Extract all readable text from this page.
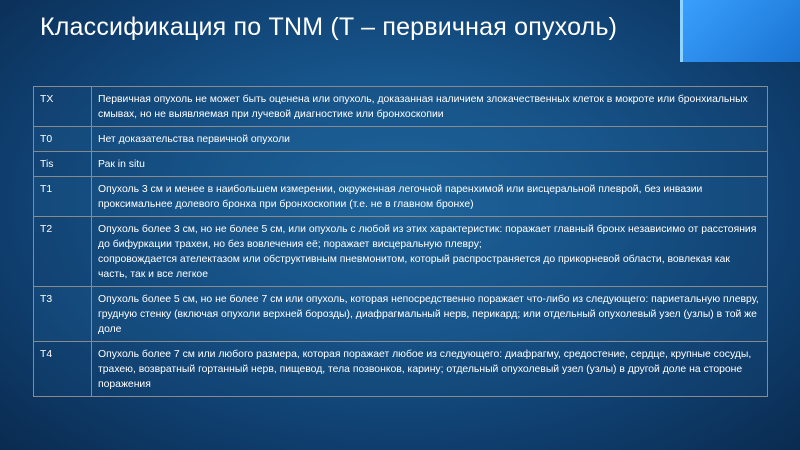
Классификация по TNM (T – первичная опухоль)
TX	Первичная опухоль не может быть оценена или опухоль, доказанная наличием злокачественных клеток в мокроте или бронхиальных смывах, но не выявляемая при лучевой диагностике или бронхоскопии

T0	Нет доказательства первичной опухоли

Tis	Рак in situ

T1	Опухоль 3 см и менее в наибольшем измерении, окруженная легочной паренхимой или висцеральной плеврой, без инвазии проксимальнее долевого бронха при бронхоскопии (т.е. не в главном бронхе)

T2	Опухоль более 3 см, но не более 5 см, или опухоль с любой из этих характеристик: поражает главный бронх независимо от расстояния до бифуркации трахеи, но без вовлечения её; поражает висцеральную плевру;
сопровождается ателектазом или обструктивным пневмонитом, который распространяется до прикорневой области, вовлекая как часть, так и все легкое

T3	Опухоль более 5 см, но не более 7 см или опухоль, которая непосредственно поражает что-либо из следующего: париетальную плевру, грудную стенку (включая опухоли верхней борозды), диафрагмальный нерв, перикард; или отдельный опухолевый узел (узлы) в той же доле

T4	Опухоль более 7 см или любого размера, которая поражает любое из следующего: диафрагму, средостение, сердце, крупные сосуды, трахею, возвратный гортанный нерв, пищевод, тела позвонков, карину; отдельный опухолевый узел (узлы) в другой доле на стороне поражения
